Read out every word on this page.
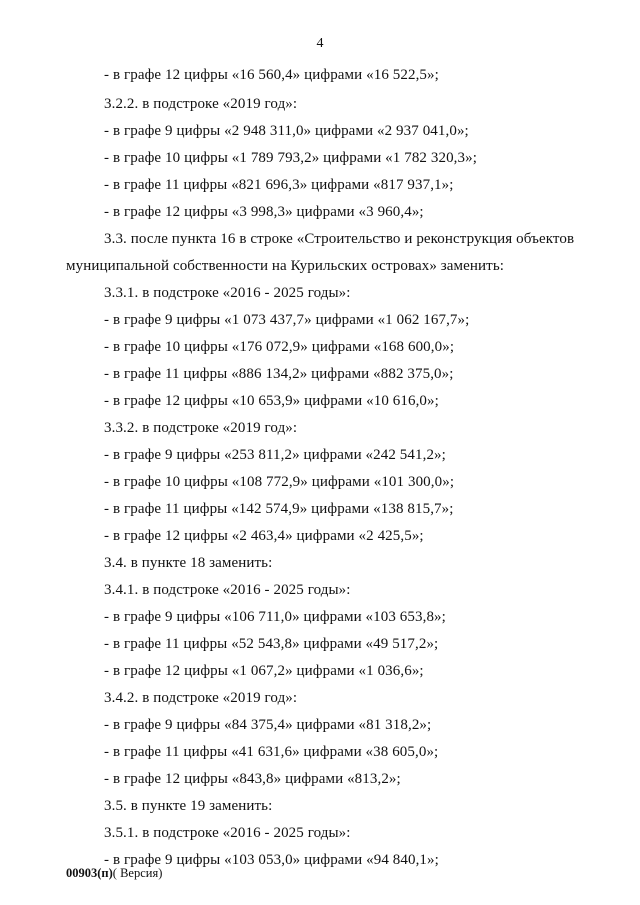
4
- в графе 12 цифры «16 560,4» цифрами «16 522,5»;
3.2.2. в подстроке «2019 год»:
- в графе 9 цифры «2 948 311,0» цифрами «2 937 041,0»;
- в графе 10 цифры «1 789 793,2» цифрами «1 782 320,3»;
- в графе 11 цифры «821 696,3» цифрами «817 937,1»;
- в графе 12 цифры «3 998,3» цифрами «3 960,4»;
3.3. после пункта 16 в строке «Строительство и реконструкция объектов
муниципальной собственности на Курильских островах» заменить:
3.3.1. в подстроке «2016 - 2025 годы»:
- в графе 9 цифры «1 073 437,7» цифрами «1 062 167,7»;
- в графе 10 цифры «176 072,9» цифрами «168 600,0»;
- в графе 11 цифры «886 134,2» цифрами «882 375,0»;
- в графе 12 цифры «10 653,9» цифрами «10 616,0»;
3.3.2. в подстроке «2019 год»:
- в графе 9 цифры «253 811,2» цифрами «242 541,2»;
- в графе 10 цифры «108 772,9» цифрами «101 300,0»;
- в графе 11 цифры «142 574,9» цифрами «138 815,7»;
- в графе 12 цифры «2 463,4» цифрами «2 425,5»;
3.4. в пункте 18 заменить:
3.4.1. в подстроке «2016 - 2025 годы»:
- в графе 9 цифры «106 711,0» цифрами «103 653,8»;
- в графе 11 цифры «52 543,8» цифрами «49 517,2»;
- в графе 12 цифры «1 067,2» цифрами «1 036,6»;
3.4.2. в подстроке «2019 год»:
- в графе 9 цифры «84 375,4» цифрами «81 318,2»;
- в графе 11 цифры «41 631,6» цифрами «38 605,0»;
- в графе 12 цифры «843,8» цифрами «813,2»;
3.5. в пункте 19 заменить:
3.5.1. в подстроке «2016 - 2025 годы»:
- в графе 9 цифры «103 053,0» цифрами «94 840,1»;
00903(п)( Версия)
